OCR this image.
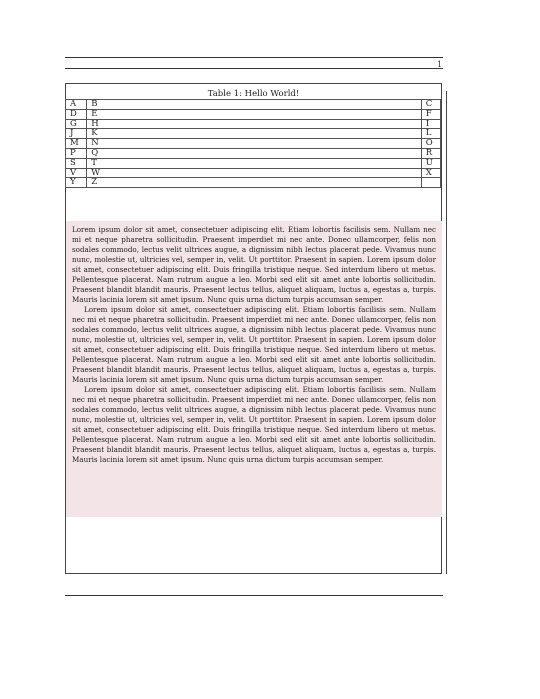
1
Table 1: Hello World!
A	B	C
D	E	F
G	H	I
J	K	L
M	N	O
P	Q	R
S	T	U
V	W	X
Y	Z	

Lorem ipsum dolor sit amet, consectetuer adipiscing elit. Etiam lobortis facilisis sem. Nullam nec mi et neque pharetra sollicitudin. Praesent imperdiet mi nec ante. Donec ullamcorper, felis non sodales commodo, lectus velit ultrices augue, a dignissim nibh lectus placerat pede. Vivamus nunc nunc, molestie ut, ultricies vel, semper in, velit. Ut porttitor. Praesent in sapien. Lorem ipsum dolor sit amet, consectetuer adipiscing elit. Duis fringilla tristique neque. Sed interdum libero ut metus. Pellentesque placerat. Nam rutrum augue a leo. Morbi sed elit sit amet ante lobortis sollicitudin. Praesent blandit blandit mauris. Praesent lectus tellus, aliquet aliquam, luctus a, egestas a, turpis. Mauris lacinia lorem sit amet ipsum. Nunc quis urna dictum turpis accumsan semper.

Lorem ipsum dolor sit amet, consectetuer adipiscing elit. Etiam lobortis facilisis sem. Nullam nec mi et neque pharetra sollicitudin. Praesent imperdiet mi nec ante. Donec ullamcorper, felis non sodales commodo, lectus velit ultrices augue, a dignissim nibh lectus placerat pede. Vivamus nunc nunc, molestie ut, ultricies vel, semper in, velit. Ut porttitor. Praesent in sapien. Lorem ipsum dolor sit amet, consectetuer adipiscing elit. Duis fringilla tristique neque. Sed interdum libero ut metus. Pellentesque placerat. Nam rutrum augue a leo. Morbi sed elit sit amet ante lobortis sollicitudin. Praesent blandit blandit mauris. Praesent lectus tellus, aliquet aliquam, luctus a, egestas a, turpis. Mauris lacinia lorem sit amet ipsum. Nunc quis urna dictum turpis accumsan semper.

Lorem ipsum dolor sit amet, consectetuer adipiscing elit. Etiam lobortis facilisis sem. Nullam nec mi et neque pharetra sollicitudin. Praesent imperdiet mi nec ante. Donec ullamcorper, felis non sodales commodo, lectus velit ultrices augue, a dignissim nibh lectus placerat pede. Vivamus nunc nunc, molestie ut, ultricies vel, semper in, velit. Ut porttitor. Praesent in sapien. Lorem ipsum dolor sit amet, consectetuer adipiscing elit. Duis fringilla tristique neque. Sed interdum libero ut metus. Pellentesque placerat. Nam rutrum augue a leo. Morbi sed elit sit amet ante lobortis sollicitudin. Praesent blandit blandit mauris. Praesent lectus tellus, aliquet aliquam, luctus a, egestas a, turpis. Mauris lacinia lorem sit amet ipsum. Nunc quis urna dictum turpis accumsan semper.
